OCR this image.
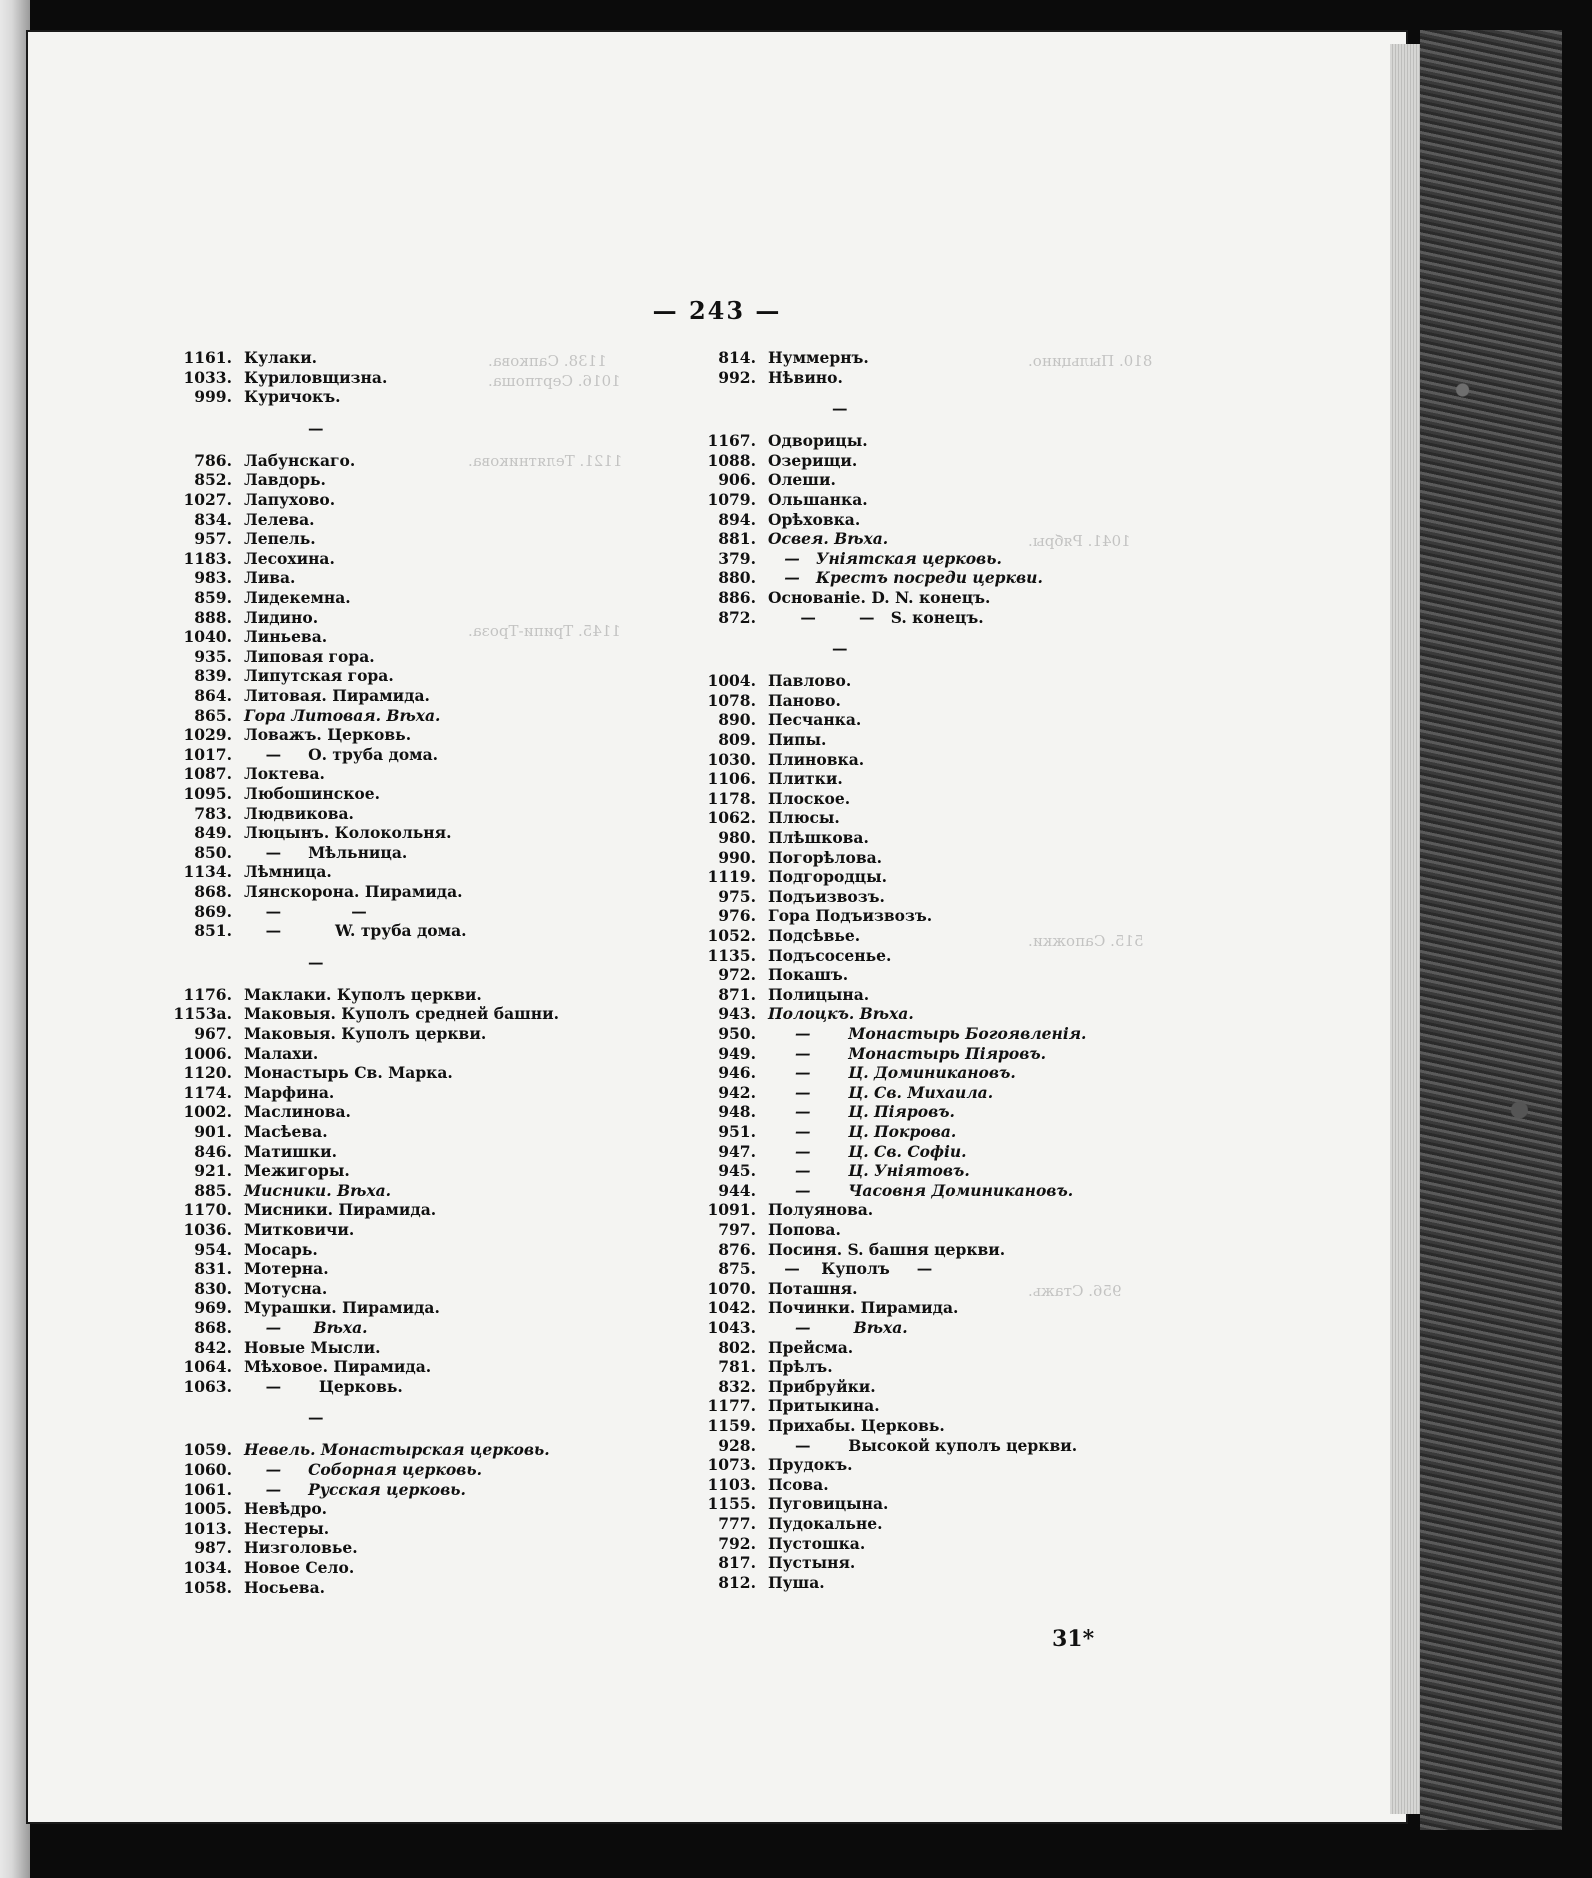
— 243 —
1138. Сапкова.
1016. Сертпоша.
1121. Телятникова.
1145. Трипи-Троза.
810. Пыльцино.
1041. Рябры.
515. Сапожки.
956. Стажь.
1161. Кулаки.
1033. Куриловщизна.
999. Куричокъ.
—
786. Лабунскаго.
852. Лавдорь.
1027. Лапухово.
834. Лелева.
957. Лепель.
1183. Лесохина.
983. Лива.
859. Лидекемна.
888. Лидино.
1040. Линьева.
935. Липовая гора.
839. Липутская гора.
864. Литовая. Пирамида.
865. Гора Литовая. Вѣха.
1029. Ловажъ. Церковь.
1017. —     О. труба дома.
1087. Локтева.
1095. Любошинское.
783. Людвикова.
849. Люцынъ. Колокольня.
850. —     Мѣльница.
1134. Лѣмница.
868. Лянскорона. Пирамида.
869. —             —
851. —          W. труба дома.
—
1176. Маклаки. Куполъ церкви.
1153a. Маковыя. Куполъ средней башни.
967. Маковыя. Куполъ церкви.
1006. Малахи.
1120. Монастырь Св. Марка.
1174. Марфина.
1002. Маслинова.
901. Масѣева.
846. Матишки.
921. Межигоры.
885. Мисники. Вѣха.
1170. Мисники. Пирамида.
1036. Митковичи.
954. Мосарь.
831. Мотерна.
830. Мотусна.
969. Мурашки. Пирамида.
868. —      Вѣха.
842. Новые Мысли.
1064. Мѣховое. Пирамида.
1063. —       Церковь.
—
1059. Невель. Монастырская церковь.
1060. —     Соборная церковь.
1061. —     Русская церковь.
1005. Невѣдро.
1013. Нестеры.
987. Низголовье.
1034. Новое Село.
1058. Носьева.
814. Нуммернъ.
992. Нѣвино.
—
1167. Одворицы.
1088. Озерищи.
906. Олеши.
1079. Ольшанка.
894. Орѣховка.
881. Освея. Вѣха.
379. —   Уніятская церковь.
880. —   Крестъ посреди церкви.
886. Основаніе. D. N. конецъ.
872. —        —   S. конецъ.
—
1004. Павлово.
1078. Паново.
890. Песчанка.
809. Пипы.
1030. Плиновка.
1106. Плитки.
1178. Плоское.
1062. Плюсы.
980. Плѣшкова.
990. Погорѣлова.
1119. Подгородцы.
975. Подъизвозъ.
976. Гора Подъизвозъ.
1052. Подсѣвье.
1135. Подъсосенье.
972. Покашъ.
871. Полицына.
943. Полоцкъ. Вѣха.
950. —       Монастырь Богоявленія.
949. —       Монастырь Піяровъ.
946. —       Ц. Доминикановъ.
942. —       Ц. Св. Михаила.
948. —       Ц. Піяровъ.
951. —       Ц. Покрова.
947. —       Ц. Св. Софіи.
945. —       Ц. Уніятовъ.
944. —       Часовня Доминикановъ.
1091. Полуянова.
797. Попова.
876. Посиня. S. башня церкви.
875. —    Куполъ     —
1070. Поташня.
1042. Починки. Пирамида.
1043. —        Вѣха.
802. Прейсма.
781. Прѣлъ.
832. Прибруйки.
1177. Притыкина.
1159. Прихабы. Церковь.
928. —       Высокой куполъ церкви.
1073. Прудокъ.
1103. Псова.
1155. Пуговицына.
777. Пудокальне.
792. Пустошка.
817. Пустыня.
812. Пуша.
31*
